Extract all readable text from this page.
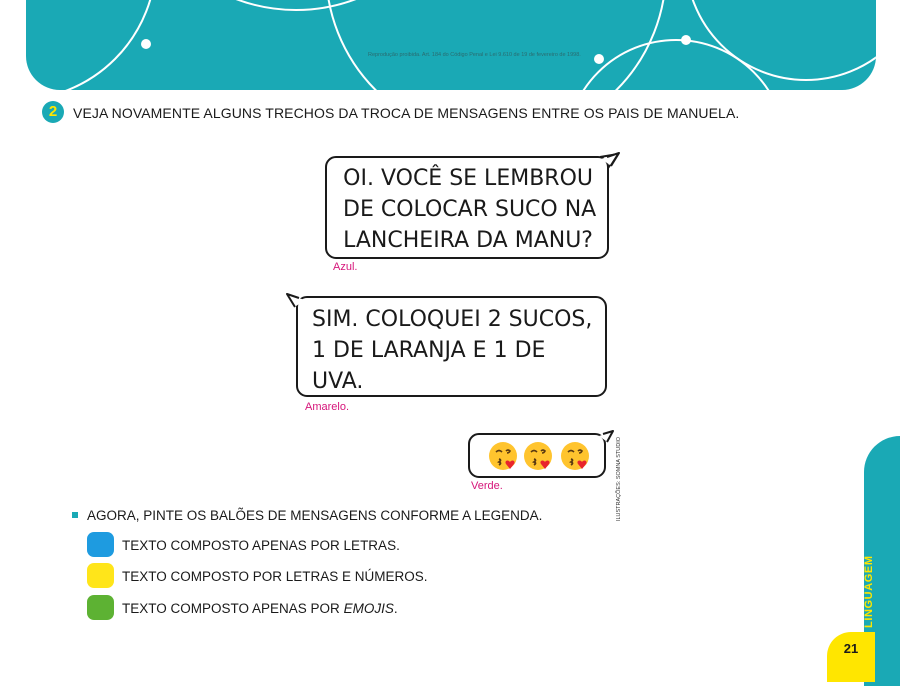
Reprodução proibida. Art. 184 do Código Penal e Lei 9.610 de 19 de fevereiro de 1998.
2	VEJA NOVAMENTE ALGUNS TRECHOS DA TROCA DE MENSAGENS ENTRE OS PAIS DE MANUELA.
OI. VOCÊ SE LEMBROU
DE COLOCAR SUCO NA
LANCHEIRA DA MANU?
Azul.
SIM. COLOQUEI 2 SUCOS,
1 DE LARANJA E 1 DE
UVA.
Amarelo.
Verde.	ILUSTRAÇÕES: SOMNA STUDIO
AGORA, PINTE OS BALÕES DE MENSAGENS CONFORME A LEGENDA.
TEXTO COMPOSTO APENAS POR LETRAS.
TEXTO COMPOSTO POR LETRAS E NÚMEROS.
TEXTO COMPOSTO APENAS POR EMOJIS.	LINGUAGEM
21
